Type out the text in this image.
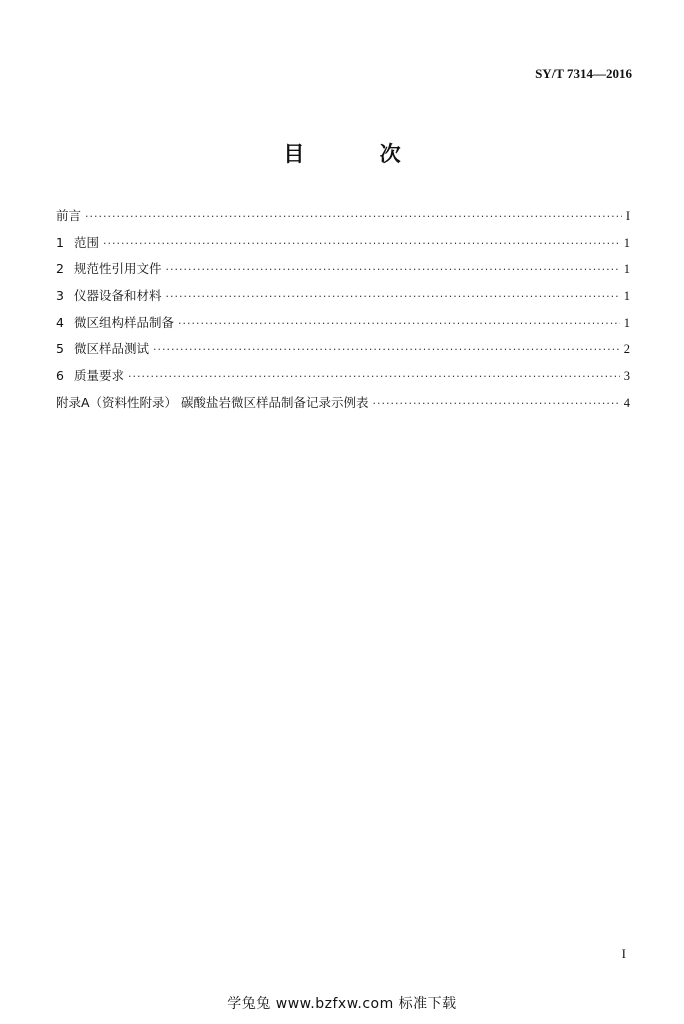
SY/T 7314—2016
目 次
前言 ·····	I
1 范围 ·····	1
2 规范性引用文件 ·····	1
3 仪器设备和材料 ·····	1
4 微区组构样品制备 ·····	1
5 微区样品测试 ·····	2
6 质量要求 ·····	3
附录A（资料性附录） 碳酸盐岩微区样品制备记录示例表 ·····	4
I
学兔兔 www.bzfxw.com 标准下载
